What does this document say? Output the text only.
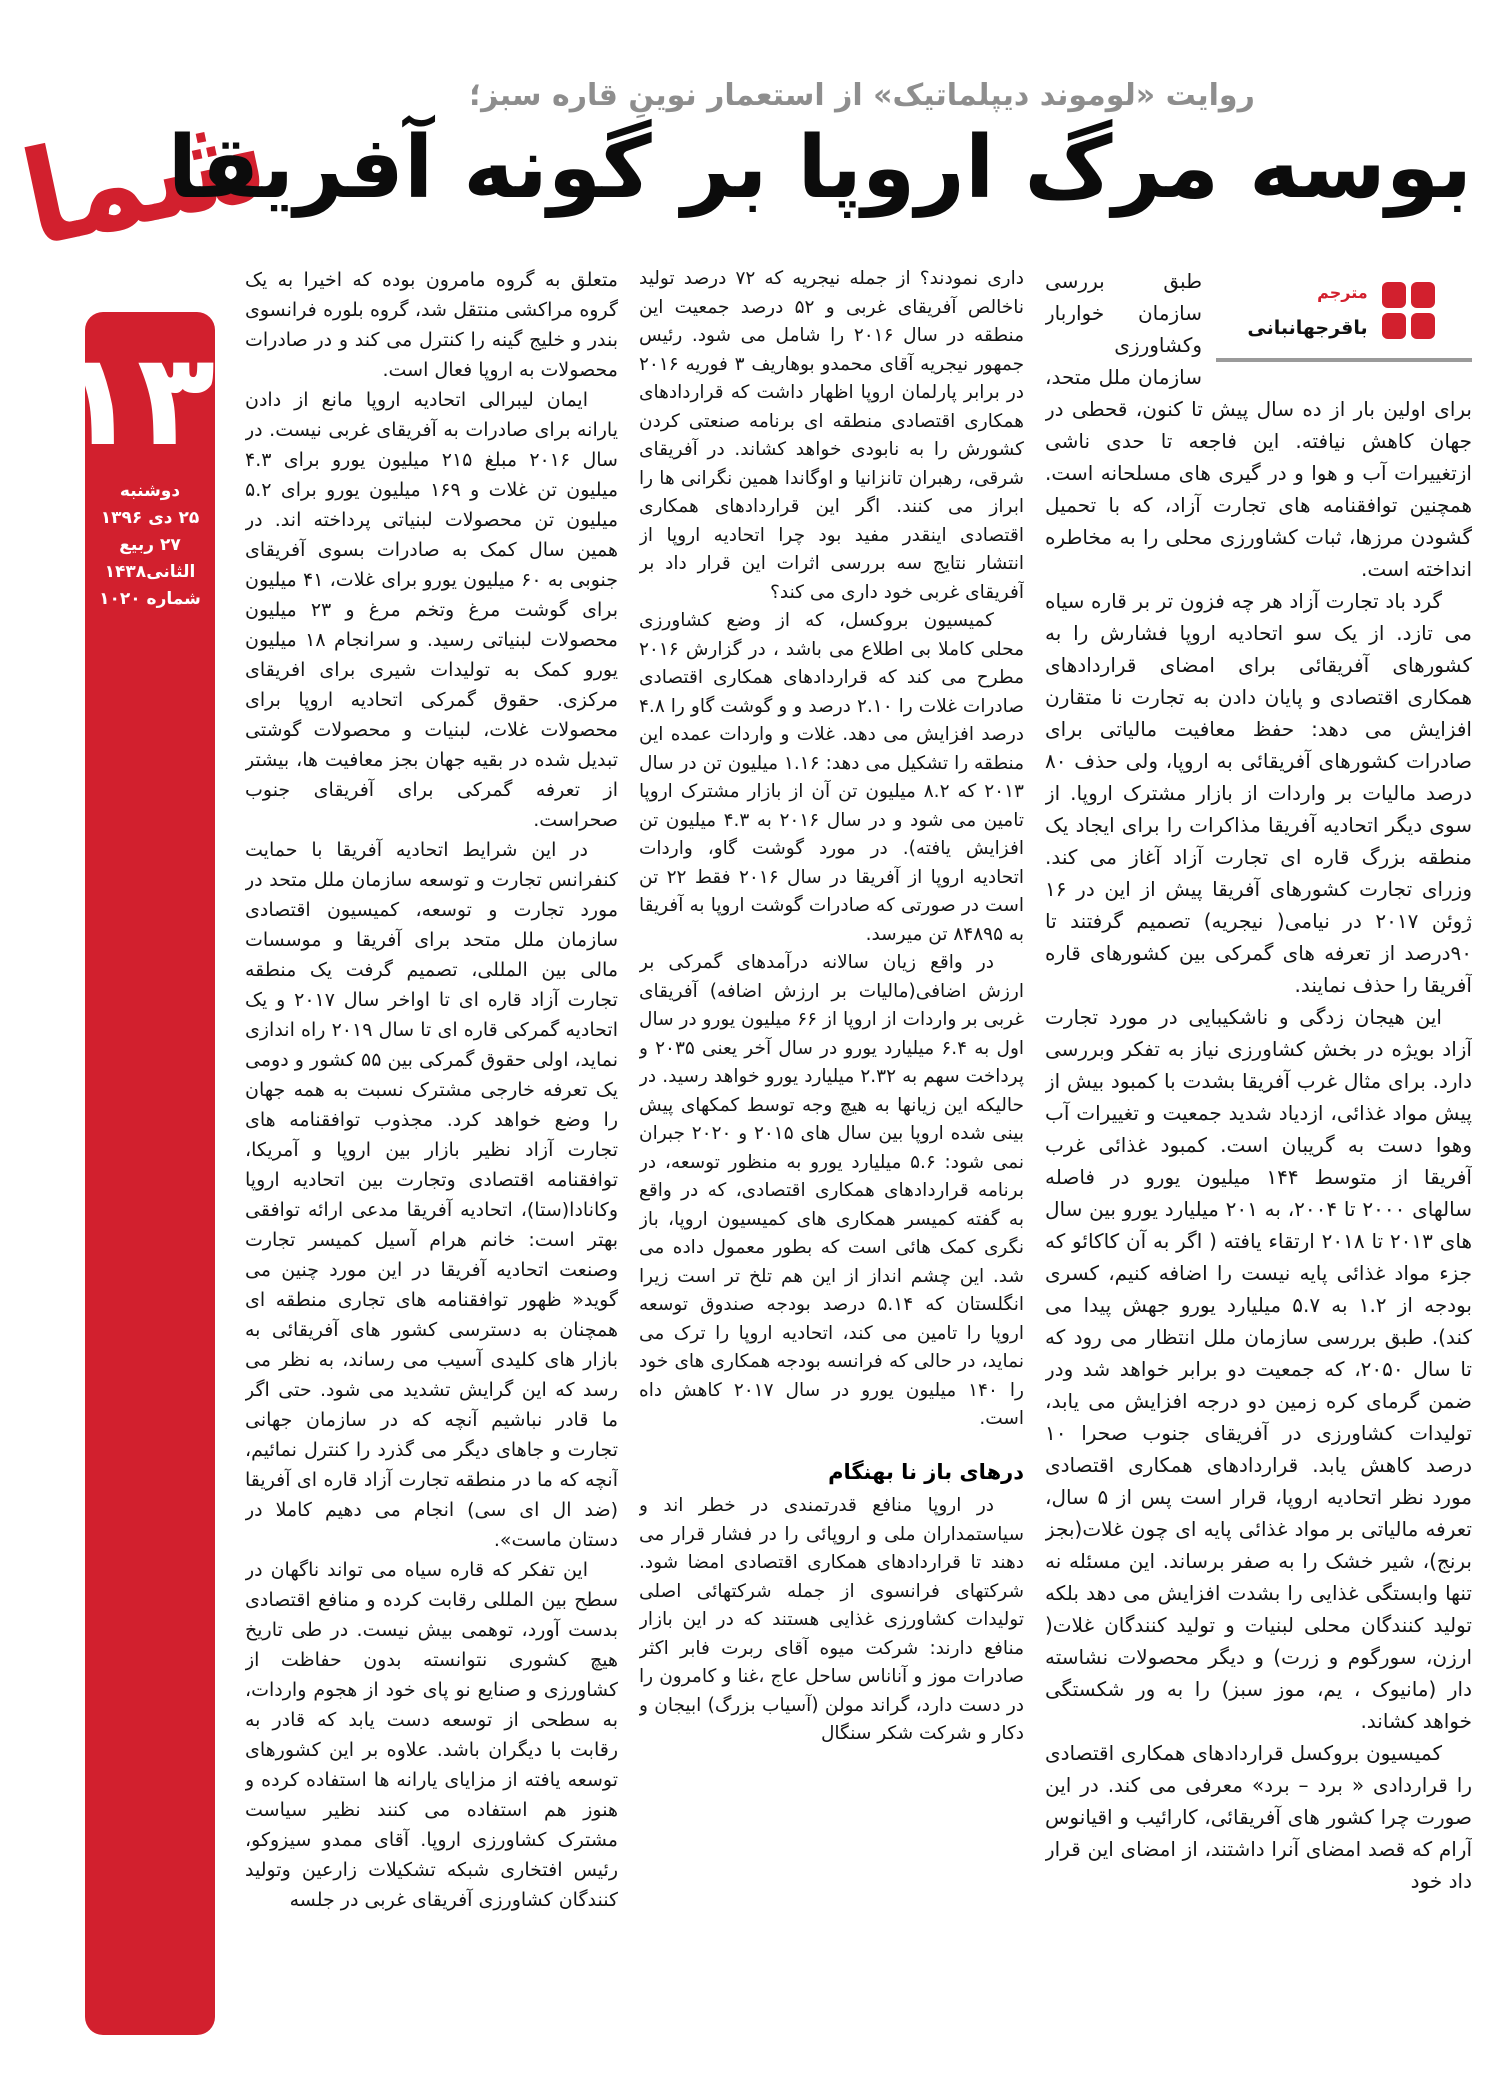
شما
۱۳
دوشنبه
۲۵ دی ۱۳۹۶
۲۷ ربیع الثانی۱۴۳۸
شماره ۱۰۲۰
روایت «لوموند دیپلماتیک» از استعمار نوینِ قاره سبز؛
بوسه مرگ اروپا بر گونه آفریقا
مترجم
باقرجهانبانی

طبق بررسی سازمان خواربار وکشاورزی سازمان ملل متحد، برای اولین بار از ده سال پیش تا کنون، قحطی در جهان کاهش نیافته. این فاجعه تا حدی ناشی ازتغییرات آب و هوا و در گیری های مسلحانه است. همچنین توافقنامه های تجارت آزاد، که با تحمیل گشودن مرزها، ثبات کشاورزی محلی را به مخاطره انداخته است.

گرد باد تجارت آزاد هر چه فزون تر بر قاره سیاه می تازد. از یک سو اتحادیه اروپا فشارش را به کشورهای آفریقائی برای امضای قراردادهای همکاری اقتصادی و پایان دادن به تجارت نا متقارن افزایش می دهد: حفظ معافیت مالیاتی برای صادرات کشورهای آفریقائی به اروپا، ولی حذف ۸۰ درصد مالیات بر واردات از بازار مشترک اروپا. از سوی دیگر اتحادیه آفریقا مذاکرات را برای ایجاد یک منطقه بزرگ قاره ای تجارت آزاد آغاز می کند. وزرای تجارت کشورهای آفریقا پیش از این در ۱۶ ژوئن ۲۰۱۷ در نیامی( نیجریه) تصمیم گرفتند تا ۹۰درصد از تعرفه های گمرکی بین کشورهای قاره آفریقا را حذف نمایند.

این هیجان زدگی و ناشکیبایی در مورد تجارت آزاد بویژه در بخش کشاورزی نیاز به تفکر وبررسی دارد. برای مثال غرب آفریقا بشدت با کمبود بیش از پیش مواد غذائی، ازدیاد شدید جمعیت و تغییرات آب وهوا دست به گریبان است. کمبود غذائی غرب آفریقا از متوسط ۱۴۴ میلیون یورو در فاصله سالهای ۲۰۰۰ تا ۲۰۰۴، به ۲۰۱ میلیارد یورو بین سال های ۲۰۱۳ تا ۲۰۱۸ ارتقاء یافته ( اگر به آن کاکائو که جزء مواد غذائی پایه نیست را اضافه کنیم، کسری بودجه از ۱.۲ به ۵.۷ میلیارد یورو جهش پیدا می کند). طبق بررسی سازمان ملل انتظار می رود که تا سال ۲۰۵۰، که جمعیت دو برابر خواهد شد ودر ضمن گرمای کره زمین دو درجه افزایش می یابد، تولیدات کشاورزی در آفریقای جنوب صحرا ۱۰ درصد کاهش یابد. قراردادهای همکاری اقتصادی مورد نظر اتحادیه اروپا، قرار است پس از ۵ سال، تعرفه مالیاتی بر مواد غذائی پایه ای چون غلات(بجز برنج)، شیر خشک را به صفر برساند. این مسئله نه تنها وابستگی غذایی را بشدت افزایش می دهد بلکه تولید کنندگان محلی لبنیات و تولید کنندگان غلات( ارزن، سورگوم و زرت) و دیگر محصولات نشاسته دار (مانیوک ، یم، موز سبز) را به ور شکستگی خواهد کشاند.

کمیسیون بروکسل قراردادهای همکاری اقتصادی را قراردادی « برد – برد» معرفی می کند. در این صورت چرا کشور های آفریقائی، کارائیب و اقیانوس آرام که قصد امضای آنرا داشتند، از امضای این قرار داد خود

داری نمودند؟ از جمله نیجریه که ۷۲ درصد تولید ناخالص آفریقای غربی و ۵۲ درصد جمعیت این منطقه در سال ۲۰۱۶ را شامل می شود. رئیس جمهور نیجریه آقای محمدو بوهاریف ۳ فوریه ۲۰۱۶ در برابر پارلمان اروپا اظهار داشت که قراردادهای همکاری اقتصادی منطقه ای برنامه صنعتی کردن کشورش را به نابودی خواهد کشاند. در آفریقای شرقی، رهبران تانزانیا و اوگاندا همین نگرانی ها را ابراز می کنند. اگر این قراردادهای همکاری اقتصادی اینقدر مفید بود چرا اتحادیه اروپا از انتشار نتایج سه بررسی اثرات این قرار داد بر آفریقای غربی خود داری می کند؟

کمیسیون بروکسل، که از وضع کشاورزی محلی کاملا بی اطلاع می باشد ، در گزارش ۲۰۱۶ مطرح می کند که قراردادهای همکاری اقتصادی صادرات غلات را ۲.۱۰ درصد و و گوشت گاو را ۴.۸ درصد افزایش می دهد. غلات و واردات عمده این منطقه را تشکیل می دهد: ۱.۱۶ میلیون تن در سال ۲۰۱۳ که ۸.۲ میلیون تن آن از بازار مشترک اروپا تامین می شود و در سال ۲۰۱۶ به ۴.۳ میلیون تن افزایش یافته). در مورد گوشت گاو، واردات اتحادیه اروپا از آفریقا در سال ۲۰۱۶ فقط ۲۲ تن است در صورتی که صادرات گوشت اروپا به آفریقا به ۸۴۸۹۵ تن میرسد.

در واقع زیان سالانه درآمدهای گمرکی بر ارزش اضافی(مالیات بر ارزش اضافه) آفریقای غربی بر واردات از اروپا از ۶۶ میلیون یورو در سال اول به ۶.۴ میلیارد یورو در سال آخر یعنی ۲۰۳۵ و پرداخت سهم به ۲.۳۲ میلیارد یورو خواهد رسید. در حالیکه این زیانها به هیچ وجه توسط کمکهای پیش بینی شده اروپا بین سال های ۲۰۱۵ و ۲۰۲۰ جبران نمی شود: ۵.۶ میلیارد یورو به منظور توسعه، در برنامه قراردادهای همکاری اقتصادی، که در واقع به گفته کمیسر همکاری های کمیسیون اروپا، باز نگری کمک هائی است که بطور معمول داده می شد. این چشم انداز از این هم تلخ تر است زیرا انگلستان که ۵.۱۴ درصد بودجه صندوق توسعه اروپا را تامین می کند، اتحادیه اروپا را ترک می نماید، در حالی که فرانسه بودجه همکاری های خود را ۱۴۰ میلیون یورو در سال ۲۰۱۷ کاهش داه است.

درهای باز نا بهنگام

در اروپا منافع قدرتمندی در خطر اند و سیاستمداران ملی و اروپائی را در فشار قرار می دهند تا قراردادهای همکاری اقتصادی امضا شود. شرکتهای فرانسوی از جمله شرکتهائی اصلی تولیدات کشاورزی غذایی هستند که در این بازار منافع دارند: شرکت میوه آقای ربرت فابر اکثر صادرات موز و آناناس ساحل عاج ،غنا و کامرون را در دست دارد، گراند مولن (آسیاب بزرگ) ابیجان و دکار و شرکت شکر سنگال

متعلق به گروه مامرون بوده که اخیرا به یک گروه مراکشی منتقل شد، گروه بلوره فرانسوی بندر و خلیج گینه را کنترل می کند و در صادرات محصولات به اروپا فعال است.

ایمان لیبرالی اتحادیه اروپا مانع از دادن یارانه برای صادرات به آفریقای غربی نیست. در سال ۲۰۱۶ مبلغ ۲۱۵ میلیون یورو برای ۴.۳ میلیون تن غلات و ۱۶۹ میلیون یورو برای ۵.۲ میلیون تن محصولات لبنیاتی پرداخته اند. در همین سال کمک به صادرات بسوی آفریقای جنوبی به ۶۰ میلیون یورو برای غلات، ۴۱ میلیون برای گوشت مرغ وتخم مرغ و ۲۳ میلیون محصولات لبنیاتی رسید. و سرانجام ۱۸ میلیون یورو کمک به تولیدات شیری برای افریقای مرکزی. حقوق گمرکی اتحادیه اروپا برای محصولات غلات، لبنیات و محصولات گوشتی تبدیل شده در بقیه جهان بجز معافیت ها، بیشتر از تعرفه گمرکی برای آفریقای جنوب صحراست.

در این شرایط اتحادیه آفریقا با حمایت کنفرانس تجارت و توسعه سازمان ملل متحد در مورد تجارت و توسعه، کمیسیون اقتصادی سازمان ملل متحد برای آفریقا و موسسات مالی بین المللی، تصمیم گرفت یک منطقه تجارت آزاد قاره ای تا اواخر سال ۲۰۱۷ و یک اتحادیه گمرکی قاره ای تا سال ۲۰۱۹ راه اندازی نماید، اولی حقوق گمرکی بین ۵۵ کشور و دومی یک تعرفه خارجی مشترک نسبت به همه جهان را وضع خواهد کرد. مجذوب توافقنامه های تجارت آزاد نظیر بازار بین اروپا و آمریکا، توافقنامه اقتصادی وتجارت بین اتحادیه اروپا وکانادا(ستا)، اتحادیه آفریقا مدعی ارائه توافقی بهتر است: خانم هرام آسیل کمیسر تجارت وصنعت اتحادیه آفریقا در این مورد چنین می گوید« ظهور توافقنامه های تجاری منطقه ای همچنان به دسترسی کشور های آفریقائی به بازار های کلیدی آسیب می رساند، به نظر می رسد که این گرایش تشدید می شود. حتی اگر ما قادر نباشیم آنچه که در سازمان جهانی تجارت و جاهای دیگر می گذرد را کنترل نمائیم، آنچه که ما در منطقه تجارت آزاد قاره ای آفریقا (ضد ال ای سی) انجام می دهیم کاملا در دستان ماست».

این تفکر که قاره سیاه می تواند ناگهان در سطح بین المللی رقابت کرده و منافع اقتصادی بدست آورد، توهمی بیش نیست. در طی تاریخ هیچ کشوری نتوانسته بدون حفاظت از کشاورزی و صنایع نو پای خود از هجوم واردات، به سطحی از توسعه دست یابد که قادر به رقابت با دیگران باشد. علاوه بر این کشورهای توسعه یافته از مزایای یارانه ها استفاده کرده و هنوز هم استفاده می کنند نظیر سیاست مشترک کشاورزی اروپا. آقای ممدو سیزوکو، رئیس افتخاری شبکه تشکیلات زارعین وتولید کنندگان کشاورزی آفریقای غربی در جلسه
